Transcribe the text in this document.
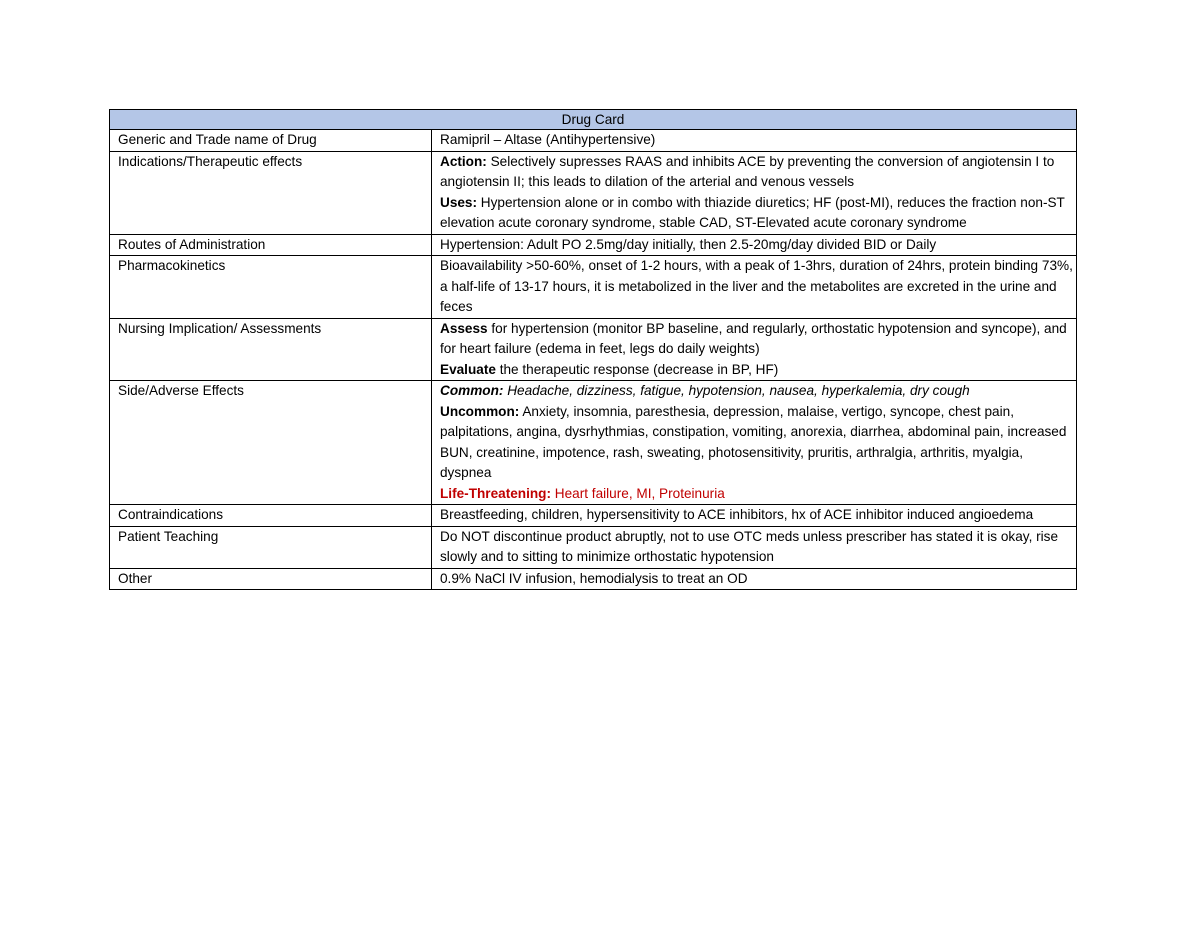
Drug Card	
Generic and Trade name of Drug	Ramipril – Altase (Antihypertensive)
Indications/Therapeutic effects	Action: Selectively supresses RAAS and inhibits ACE by preventing the conversion of angiotensin I to angiotensin II; this leads to dilation of the arterial and venous vessels
Uses: Hypertension alone or in combo with thiazide diuretics; HF (post-MI), reduces the fraction non-ST elevation acute coronary syndrome, stable CAD, ST-Elevated acute coronary syndrome

Routes of Administration	Hypertension: Adult PO 2.5mg/day initially, then 2.5-20mg/day divided BID or Daily
Pharmacokinetics	Bioavailability >50-60%, onset of 1-2 hours, with a peak of 1-3hrs, duration of 24hrs, protein binding 73%, a half-life of 13-17 hours, it is metabolized in the liver and the metabolites are excreted in the urine and feces
Nursing Implication/ Assessments	Assess for hypertension (monitor BP baseline, and regularly, orthostatic hypotension and syncope), and for heart failure (edema in feet, legs do daily weights)
Evaluate the therapeutic response (decrease in BP, HF)

Side/Adverse Effects	Common: Headache, dizziness, fatigue, hypotension, nausea, hyperkalemia, dry cough
Uncommon: Anxiety, insomnia, paresthesia, depression, malaise, vertigo, syncope, chest pain, palpitations, angina, dysrhythmias, constipation, vomiting, anorexia, diarrhea, abdominal pain, increased BUN, creatinine, impotence, rash, sweating, photosensitivity, pruritis, arthralgia, arthritis, myalgia, dyspnea
Life-Threatening: Heart failure, MI, Proteinuria

Contraindications	Breastfeeding, children, hypersensitivity to ACE inhibitors, hx of ACE inhibitor induced angioedema
Patient Teaching	Do NOT discontinue product abruptly, not to use OTC meds unless prescriber has stated it is okay, rise slowly and to sitting to minimize orthostatic hypotension
Other	0.9% NaCl IV infusion, hemodialysis to treat an OD
